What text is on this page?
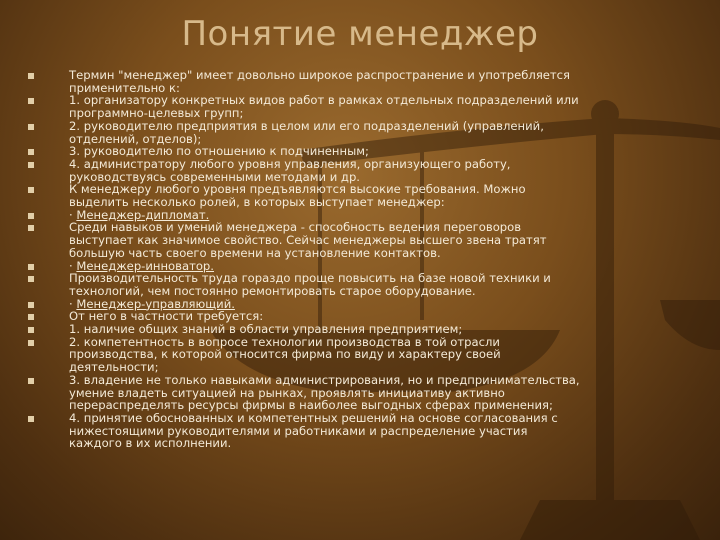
Понятие менеджер
Термин "менеджер" имеет довольно широкое распространение и употребляется
применительно к:
1. организатору конкретных видов работ в рамках отдельных подразделений или
программно-целевых групп;
2. руководителю предприятия в целом или его подразделений (управлений,
отделений, отделов);
3. руководителю по отношению к подчиненным;
4. администратору любого уровня управления, организующего работу,
руководствуясь современными методами и др.
К менеджеру любого уровня предъявляются высокие требования. Можно
выделить несколько ролей, в которых выступает менеджер:
· Менеджер-дипломат.
Среди навыков и умений менеджера - способность ведения переговоров
выступает как значимое свойство. Сейчас менеджеры высшего звена тратят
большую часть своего времени на установление контактов.
· Менеджер-инноватор.
Производительность труда гораздо проще повысить на базе новой техники и
технологий, чем постоянно ремонтировать старое оборудование.
· Менеджер-управляющий.
От него в частности требуется:
1. наличие общих знаний в области управления предприятием;
2. компетентность в вопросе технологии производства в той отрасли
производства, к которой относится фирма по виду и характеру своей
деятельности;
3. владение не только навыками администрирования, но и предпринимательства,
умение владеть ситуацией на рынках, проявлять инициативу активно
перераспределять ресурсы фирмы в наиболее выгодных сферах применения;
4. принятие обоснованных и компетентных решений на основе согласования с
нижестоящими руководителями и работниками и распределение участия
каждого в их исполнении.
